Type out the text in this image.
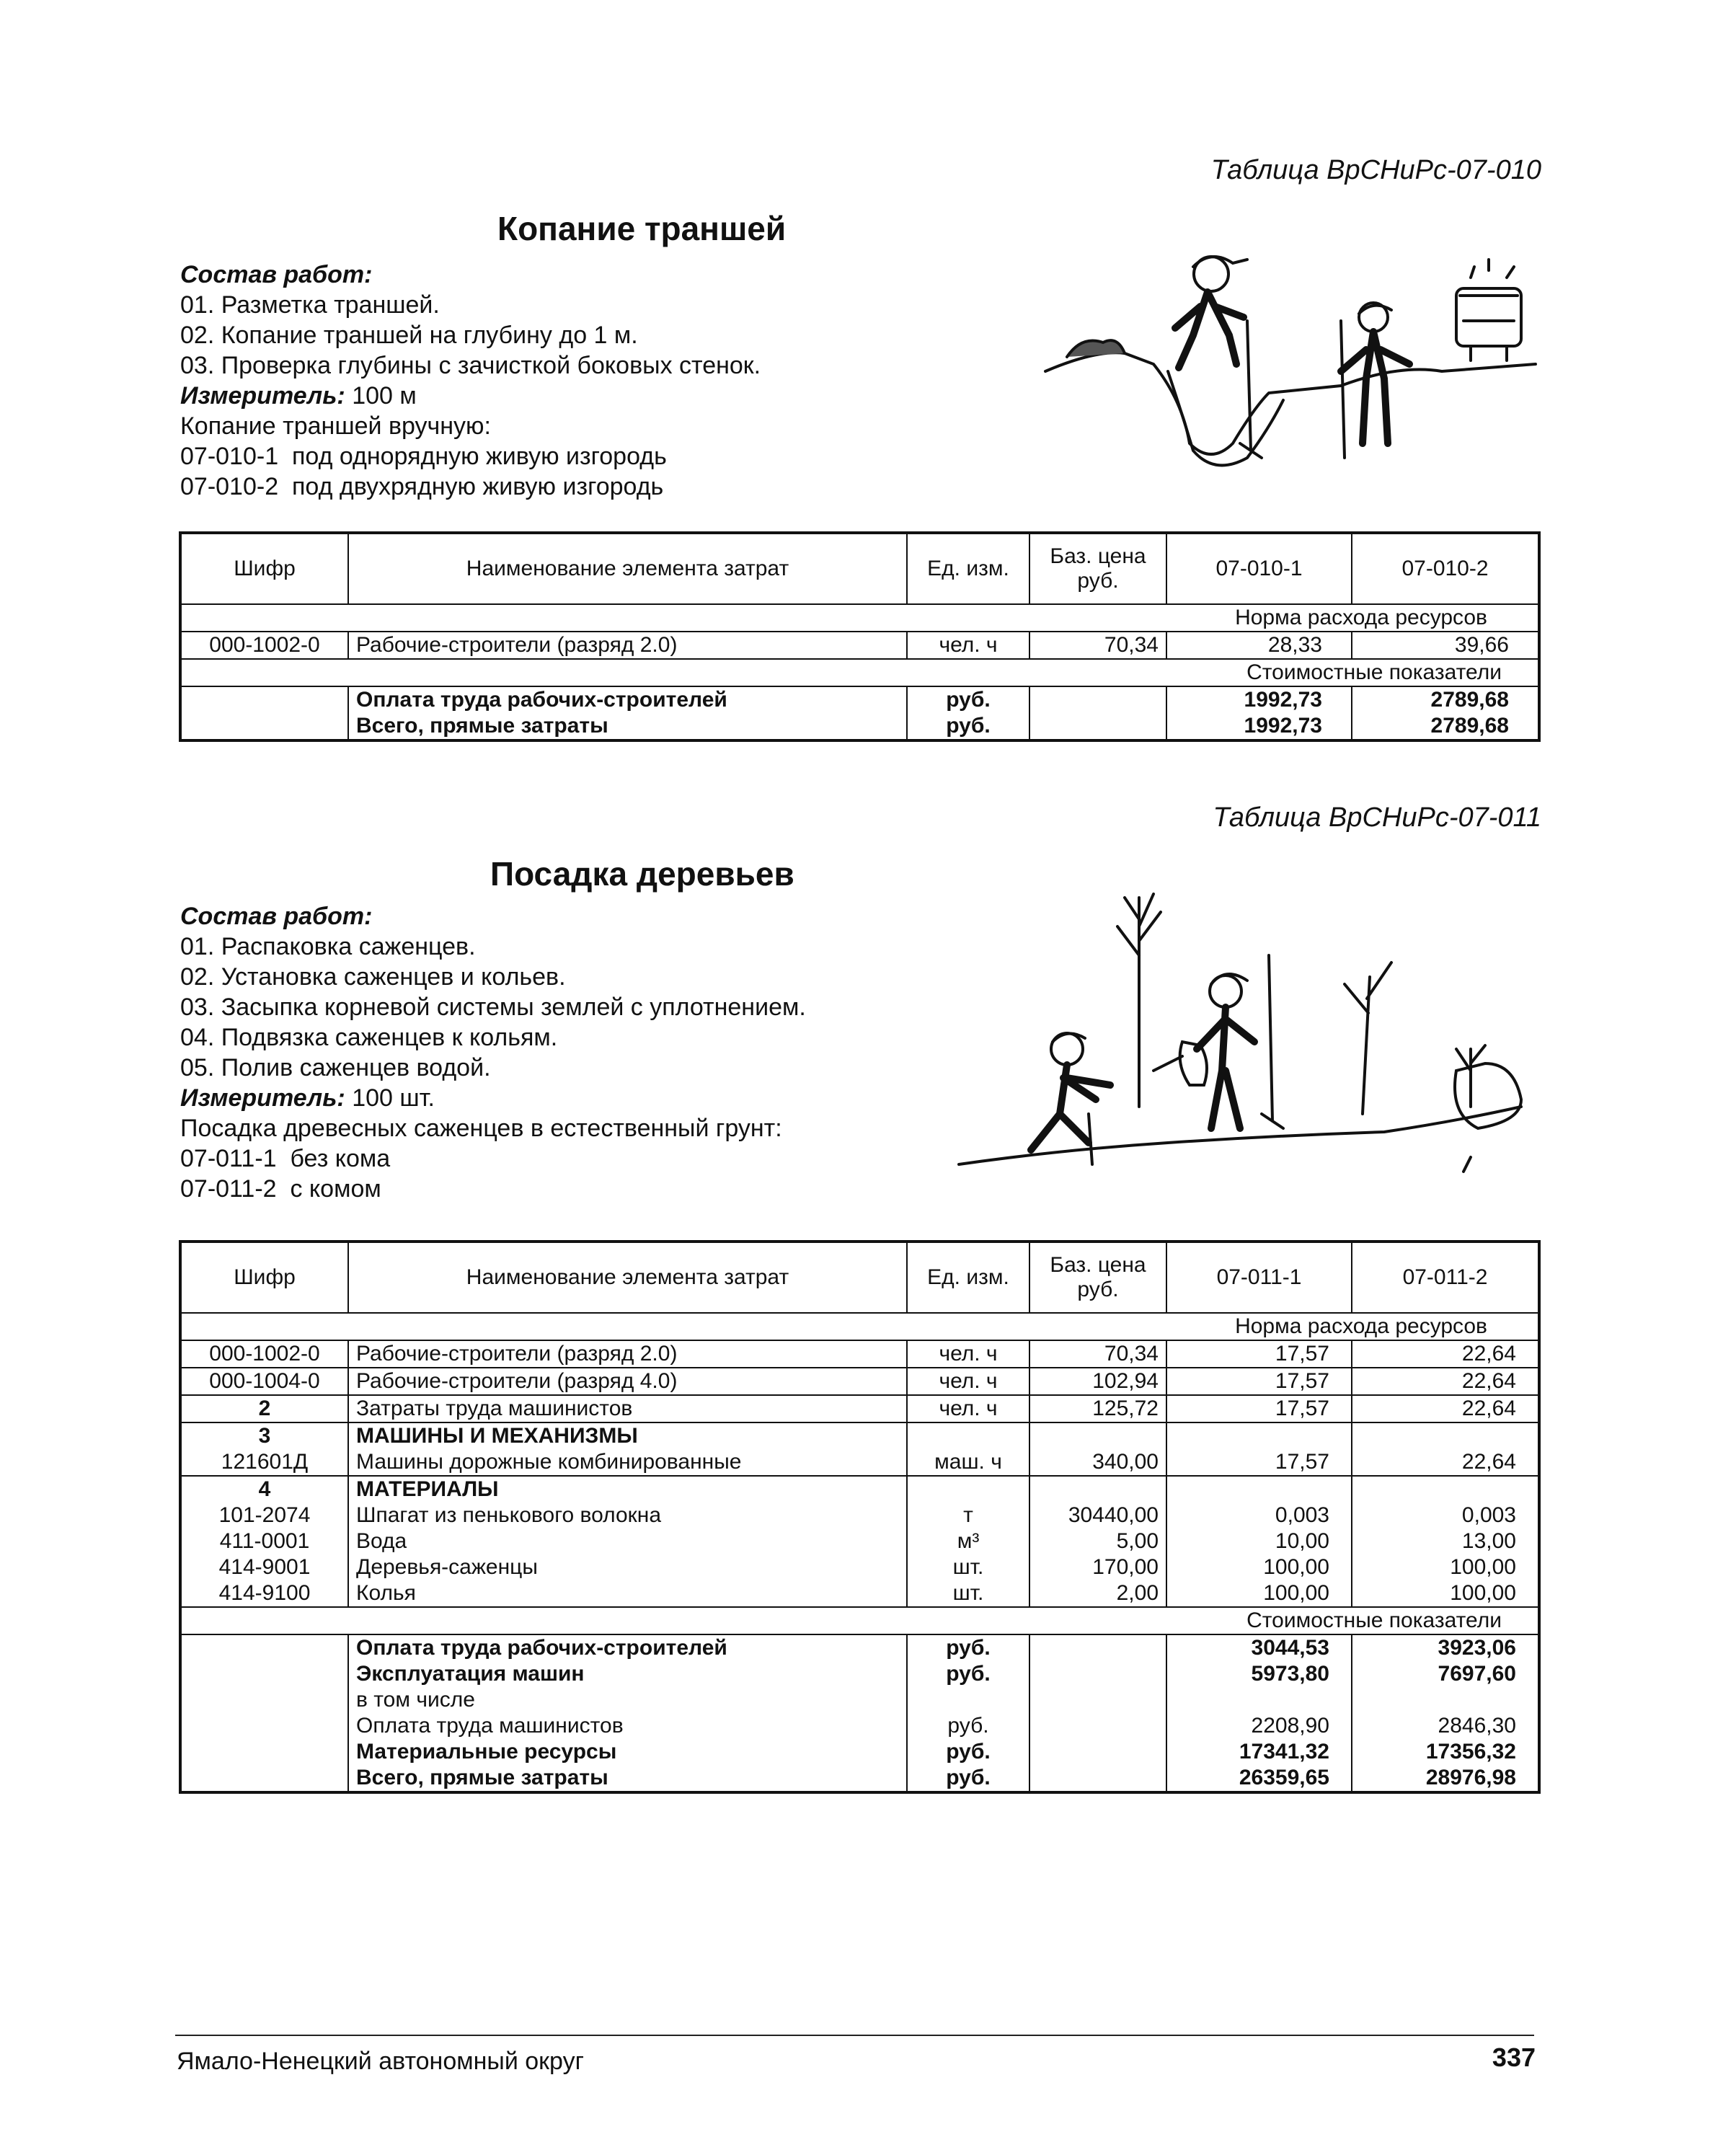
Таблица ВрСНиРс-07-010
Копание траншей
Состав работ:
01. Разметка траншей.
02. Копание траншей на глубину до 1 м.
03. Проверка глубины с зачисткой боковых стенок.
Измеритель: 100 м
Копание траншей вручную:
07-010-1  под однорядную живую изгородь
07-010-2  под двухрядную живую изгородь
Шифр	Наименование элемента затрат	Ед. изм.	Баз. цена руб.	07-010-1	07-010-2
Норма расхода ресурсов					
000-1002-0	Рабочие-строители (разряд 2.0)	чел. ч	70,34	28,33	39,66
Стоимостные показатели					
	Оплата труда рабочих-строителей	руб.		1992,73	2789,68
	Всего, прямые затраты	руб.		1992,73	2789,68
Таблица ВрСНиРс-07-011
Посадка деревьев
Состав работ:
01. Распаковка саженцев.
02. Установка саженцев и кольев.
03. Засыпка корневой системы землей с уплотнением.
04. Подвязка саженцев к кольям.
05. Полив саженцев водой.
Измеритель: 100 шт.
Посадка древесных саженцев в естественный грунт:
07-011-1  без кома
07-011-2  с комом
Шифр	Наименование элемента затрат	Ед. изм.	Баз. цена руб.	07-011-1	07-011-2
Норма расхода ресурсов					
000-1002-0	Рабочие-строители (разряд 2.0)	чел. ч	70,34	17,57	22,64
000-1004-0	Рабочие-строители (разряд 4.0)	чел. ч	102,94	17,57	22,64
2	Затраты труда машинистов	чел. ч	125,72	17,57	22,64
3	МАШИНЫ И МЕХАНИЗМЫ				
121601Д	Машины дорожные комбинированные	маш. ч	340,00	17,57	22,64
4	МАТЕРИАЛЫ				
101-2074	Шпагат из пенькового волокна	т	30440,00	0,003	0,003
411-0001	Вода	м³	5,00	10,00	13,00
414-9001	Деревья-саженцы	шт.	170,00	100,00	100,00
414-9100	Колья	шт.	2,00	100,00	100,00
Стоимостные показатели					
	Оплата труда рабочих-строителей	руб.		3044,53	3923,06
	Эксплуатация машин	руб.		5973,80	7697,60
	в том числе				
	Оплата труда машинистов	руб.		2208,90	2846,30
	Материальные ресурсы	руб.		17341,32	17356,32
	Всего, прямые затраты	руб.		26359,65	28976,98
Ямало-Ненецкий автономный округ	337
